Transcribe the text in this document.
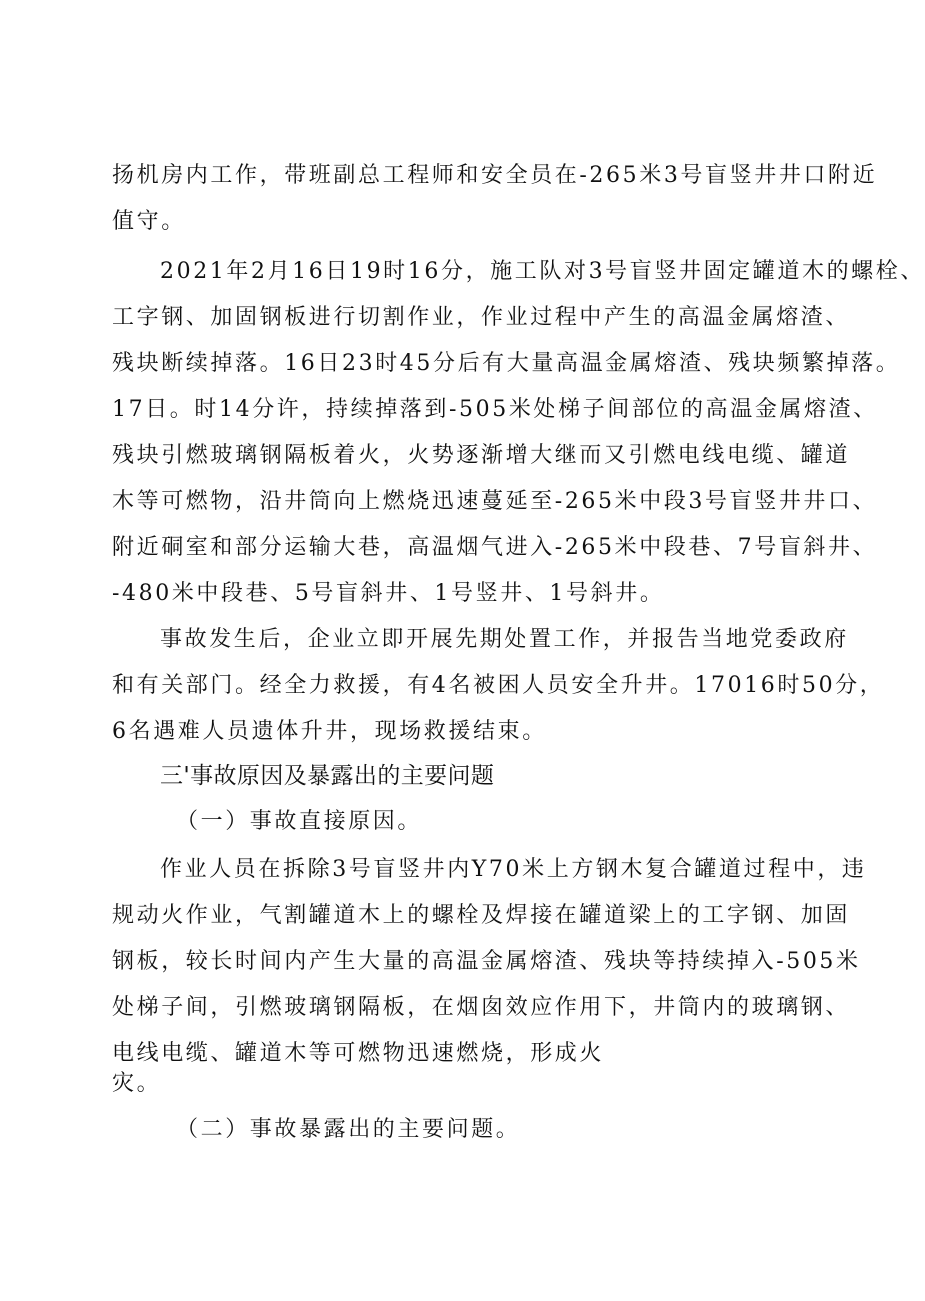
扬机房内工作，带班副总工程师和安全员在-265米3号盲竖井井口附近
值守。
2021年2月16日19时16分，施工队对3号盲竖井固定罐道木的螺栓、
工字钢、加固钢板进行切割作业，作业过程中产生的高温金属熔渣、
残块断续掉落。16日23时45分后有大量高温金属熔渣、残块频繁掉落。
17日。时14分许，持续掉落到-505米处梯子间部位的高温金属熔渣、
残块引燃玻璃钢隔板着火，火势逐渐增大继而又引燃电线电缆、罐道
木等可燃物，沿井筒向上燃烧迅速蔓延至-265米中段3号盲竖井井口、
附近硐室和部分运输大巷，高温烟气进入-265米中段巷、7号盲斜井、
-480米中段巷、5号盲斜井、1号竖井、1号斜井。
事故发生后，企业立即开展先期处置工作，并报告当地党委政府
和有关部门。经全力救援，有4名被困人员安全升井。17016时50分，
6名遇难人员遗体升井，现场救援结束。
三'事故原因及暴露出的主要问题
（一）事故直接原因。
作业人员在拆除3号盲竖井内Y70米上方钢木复合罐道过程中，违
规动火作业，气割罐道木上的螺栓及焊接在罐道梁上的工字钢、加固
钢板，较长时间内产生大量的高温金属熔渣、残块等持续掉入-505米
处梯子间，引燃玻璃钢隔板，在烟囱效应作用下，井筒内的玻璃钢、
电线电缆、罐道木等可燃物迅速燃烧，形成火
灾。
（二）事故暴露出的主要问题。
